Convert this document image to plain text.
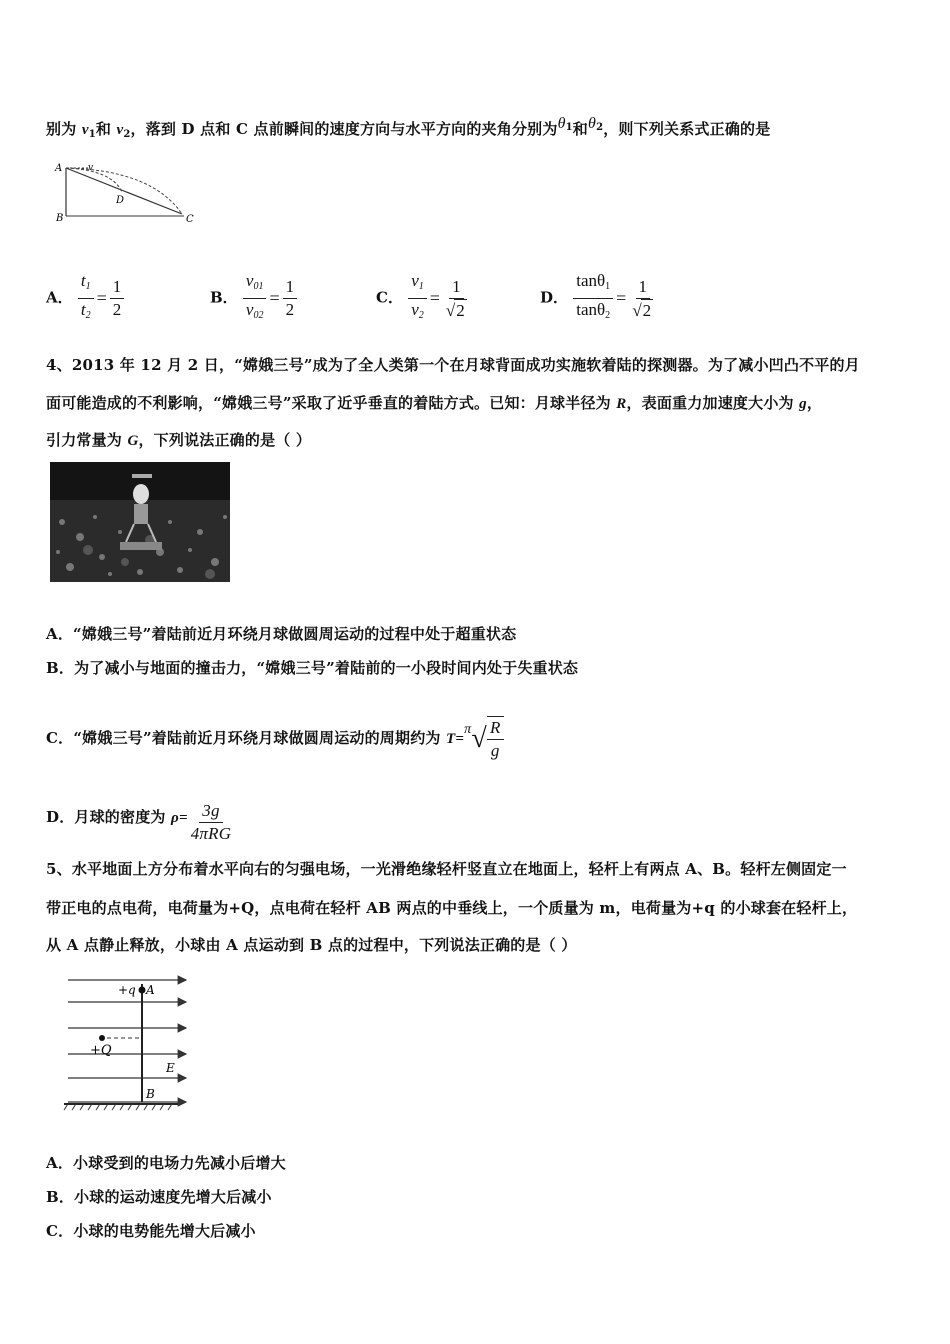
别为 $v_1$和 $v_2$，落到 D 点和 C 点前瞬间的速度方向与水平方向的夹角分别为$\theta^1$和$\theta^2$，则下列关系式正确的是
A	v
B
D
C
A． $\frac{t_1}{t_2} = \frac{1}{2}$	B． $\frac{v_{01}}{v_{02}} = \frac{1}{2}$	C． $\frac{v_1}{v_2} = \frac{1}{√2}$	D． $\frac{\tan\theta_1}{\tan\theta_2} = \frac{1}{√2}$
4、2013 年 12 月 2 日，“嫦娥三号”成为了全人类第一个在月球背面成功实施软着陆的探测器。为了减小凹凸不平的月
面可能造成的不利影响，“嫦娥三号”采取了近乎垂直的着陆方式。已知：月球半径为 R，表面重力加速度大小为 g，
引力常量为 G，下列说法正确的是（ ）
A．“嫦娥三号”着陆前近月环绕月球做圆周运动的过程中处于超重状态
B．为了减小与地面的撞击力，“嫦娥三号”着陆前的一小段时间内处于失重状态
C．“嫦娥三号”着陆前近月环绕月球做圆周运动的周期约为 $T=\pi√ \frac{R}{g}$
D．月球的密度为 $\rho= \frac{3g}{\text{4πRG}}$
5、水平地面上方分布着水平向右的匀强电场，一光滑绝缘轻杆竖直立在地面上，轻杆上有两点 A、B。轻杆左侧固定一
带正电的点电荷，电荷量为+Q，点电荷在轻杆 AB 两点的中垂线上，一个质量为 m，电荷量为+q 的小球套在轻杆上，
从 A 点静止释放，小球由 A 点运动到 B 点的过程中，下列说法正确的是（ ）
+q A
+Q
E
B
A．小球受到的电场力先减小后增大
B．小球的运动速度先增大后减小
C．小球的电势能先增大后减小
